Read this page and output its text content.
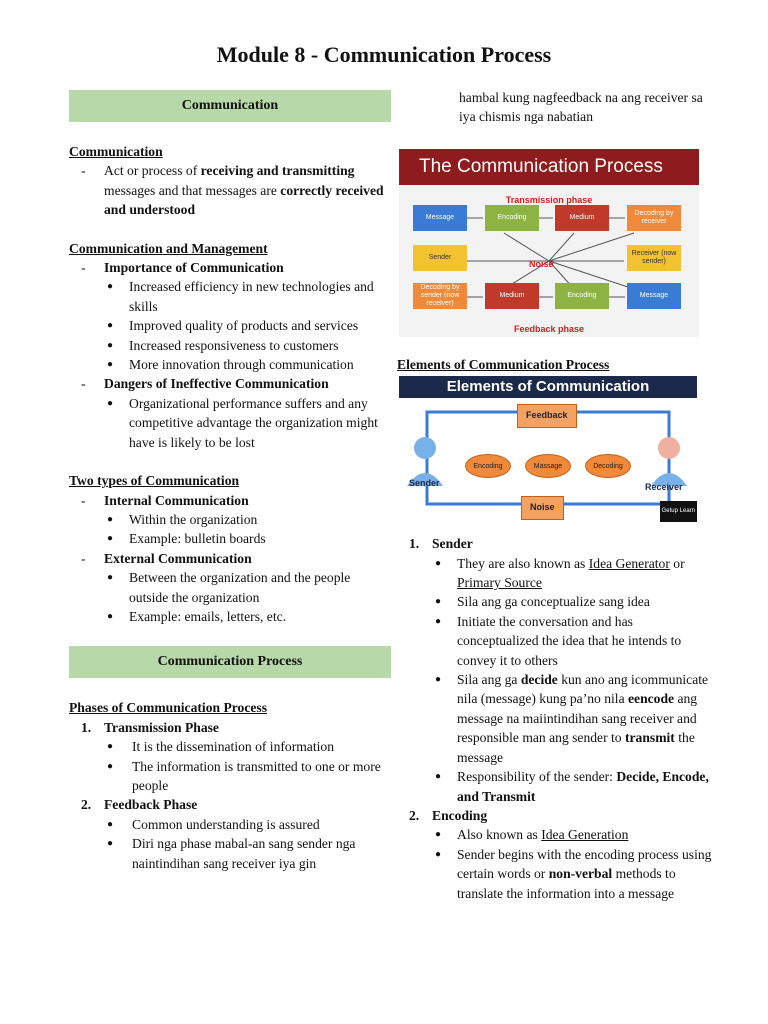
Module 8 - Communication Process
Communication
Communication
- Act or process of receiving and transmitting messages and that messages are correctly received and understood
Communication and Management
- Importance of Communication
● Increased efficiency in new technologies and skills
● Improved quality of products and services
● Increased responsiveness to customers
● More innovation through communication
- Dangers of Ineffective Communication
● Organizational performance suffers and any competitive advantage the organization might have is likely to be lost
Two types of Communication
- Internal Communication
● Within the organization
● Example: bulletin boards
- External Communication
● Between the organization and the people outside the organization
● Example: emails, letters, etc.
Communication Process
Phases of Communication Process
1. Transmission Phase
● It is the dissemination of information
● The information is transmitted to one or more people
2. Feedback Phase
● Common understanding is assured
● Diri nga phase mabal-an sang sender nga naintindihan sang receiver iya gin
hambal kung nagfeedback na ang receiver sa iya chismis nga nabatian
The Communication Process
Transmission phase
Message	Encoding	Medium
Decoding by receiver
Sender
Receiver (now sender)
Noise
Decoding by sender (now receiver)
Medium	Encoding	Message
Feedback phase
Elements of Communication Process
Elements of Communication
Feedback
Noise
Sender	Receiver
Encoding	Massage	Decoding
Getup Learn
1. Sender
● They are also known as Idea Generator or Primary Source
● Sila ang ga conceptualize sang idea
● Initiate the conversation and has conceptualized the idea that he intends to convey it to others
● Sila ang ga decide kun ano ang icommunicate nila (message) kung pa’no nila eencode ang message na maiintindihan sang receiver and responsible man ang sender to transmit the message
● Responsibility of the sender: Decide, Encode, and Transmit
2. Encoding
● Also known as Idea Generation
● Sender begins with the encoding process using certain words or non-verbal methods to translate the information into a message
